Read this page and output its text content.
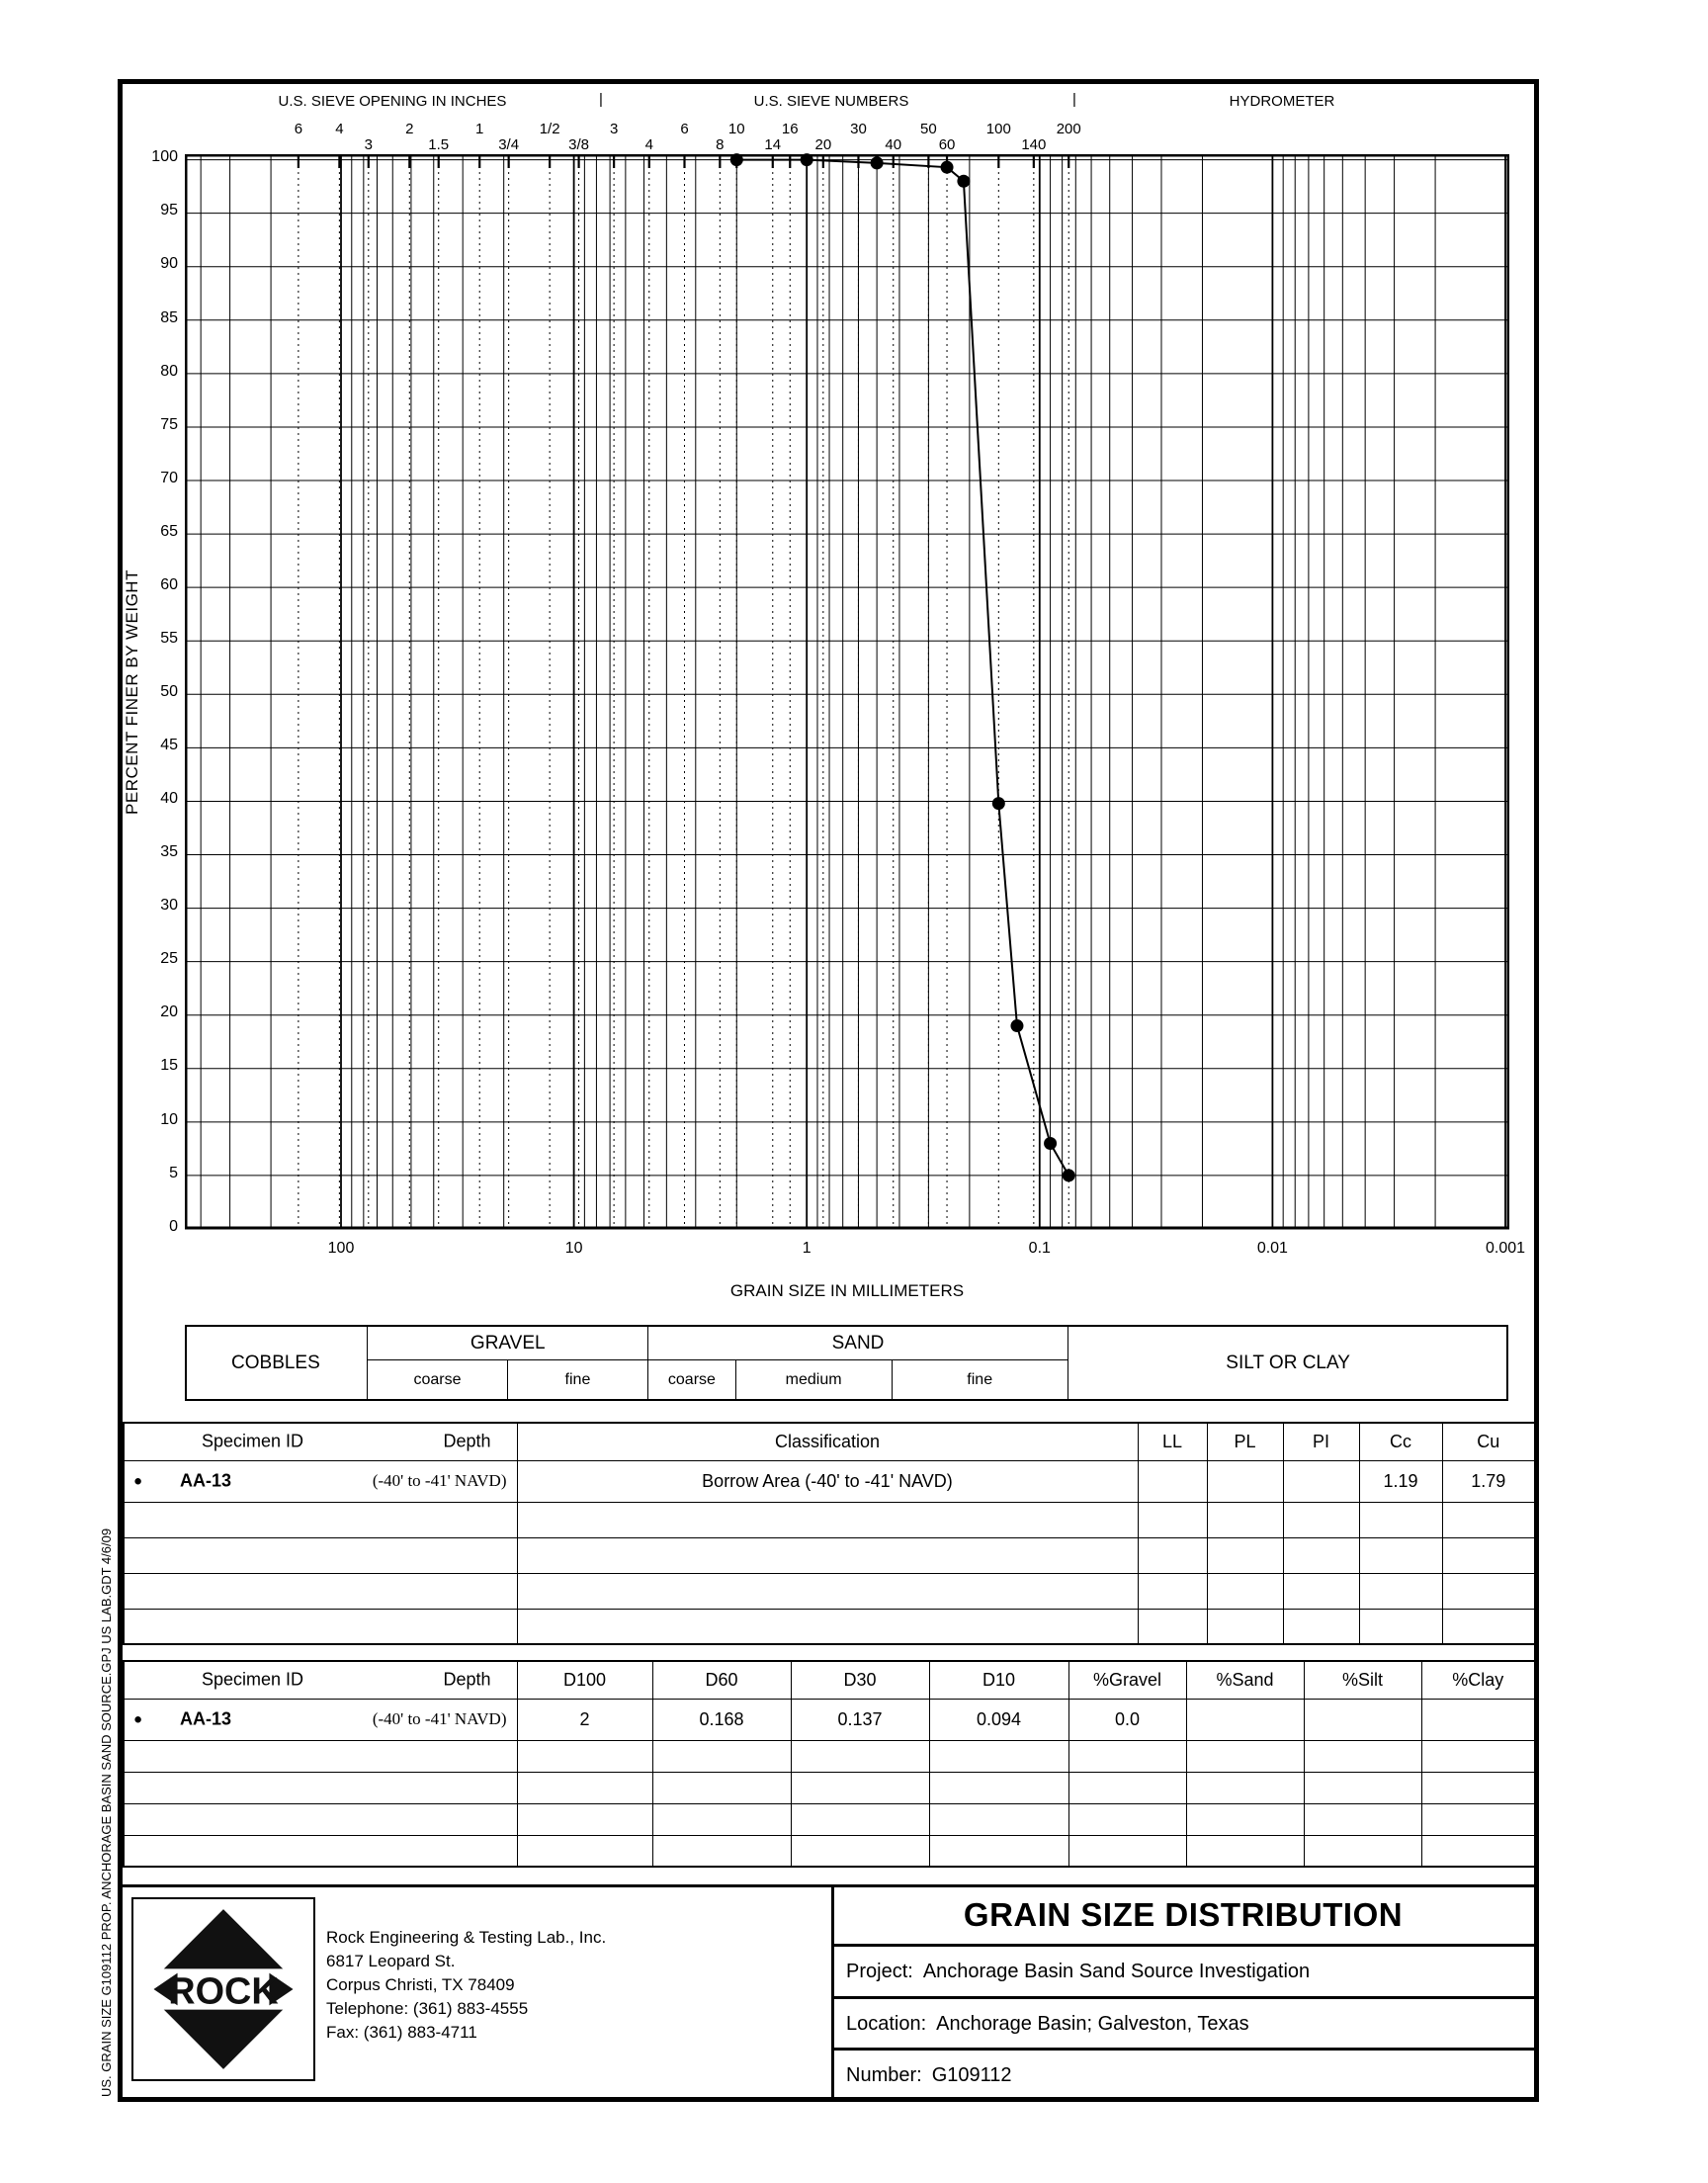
U.S. SIEVE OPENING IN INCHES	|	U.S. SIEVE NUMBERS	|	HYDROMETER
PERCENT FINER BY WEIGHT
GRAIN SIZE IN MILLIMETERS
COBBLES
GRAVEL
coarse	fine
SAND
coarse	medium	fine
SILT OR CLAY
Specimen ID Depth	Classification	LL	PL	PI	Cc	Cu

● AA-13 (-40' to -41' NAVD)	Borrow Area (-40' to -41' NAVD)				1.19	1.79

Specimen ID Depth	D100	D60	D30	D10	%Gravel	%Sand	%Silt	%Clay

● AA-13 (-40' to -41' NAVD)	2	0.168	0.137	0.094	0.0			

ROCK
Rock Engineering & Testing Lab., Inc.
6817 Leopard St.
Corpus Christi, TX 78409
Telephone: (361) 883-4555
Fax: (361) 883-4711
GRAIN SIZE DISTRIBUTION
Project: Anchorage Basin Sand Source Investigation
Location: Anchorage Basin; Galveston, Texas
Number: G109112
US. GRAIN SIZE G109112 PROP. ANCHORAGE BASIN SAND SOURCE.GPJ US LAB.GDT 4/6/09
0
5
10
15
20
25
30
35
40
45
50
55
60
65
70
75
80
85
90
95
100
100	10	1	0.1	0.01	0.001
6	4
3
2
1.5
1
3/4
1/2
3/8
3
4
6
8
10
14
16
20
30
40
50
60
100
140
200
